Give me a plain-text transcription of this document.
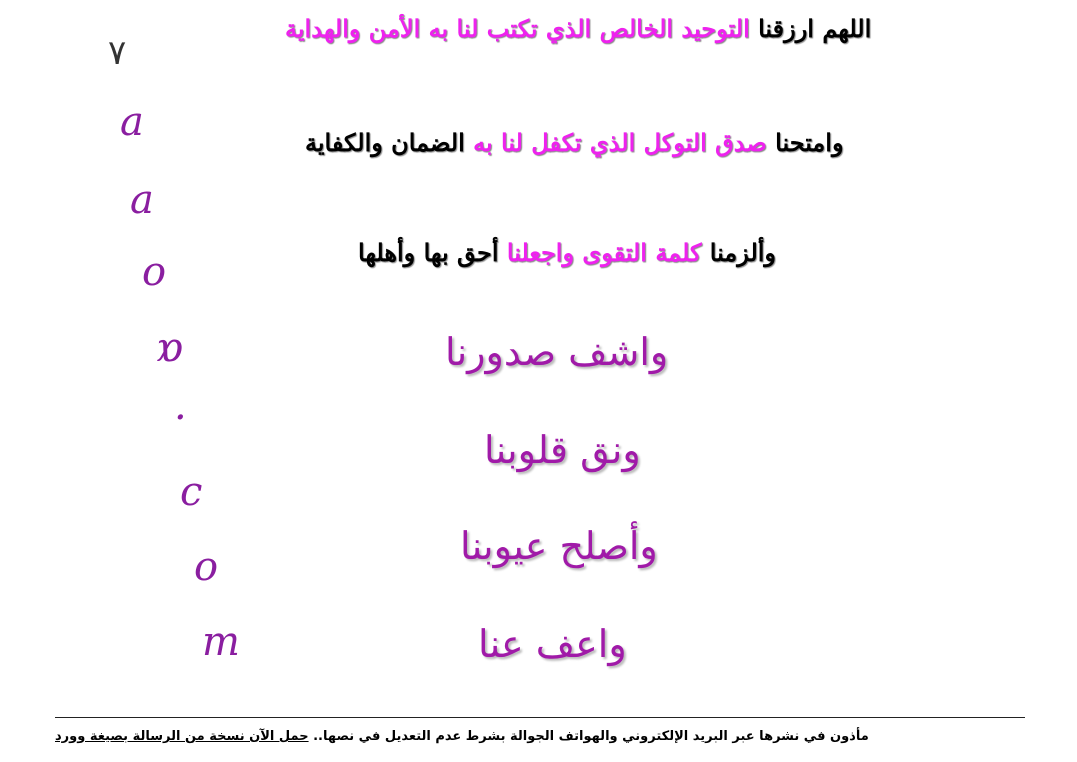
اللهم ارزقنا التوحيد الخالص الذي تكتب لنا به الأمن والهداية

وامتحنا صدق التوكل الذي تكفل لنا به الضمان والكفاية

وألزمنا كلمة التقوى واجعلنا أحق بها وأهلها

واشف صدورنا

ونق قلوبنا

وأصلح عيوبنا

واعف عنا

٧
a
a
o
ɒ
·
c
o
m
مأذون في نشرها عبر البريد الإلكتروني والهواتف الجوالة بشرط عدم التعديل في نصها.. حمل الآن نسخة من الرسالة بصيغة وورد
